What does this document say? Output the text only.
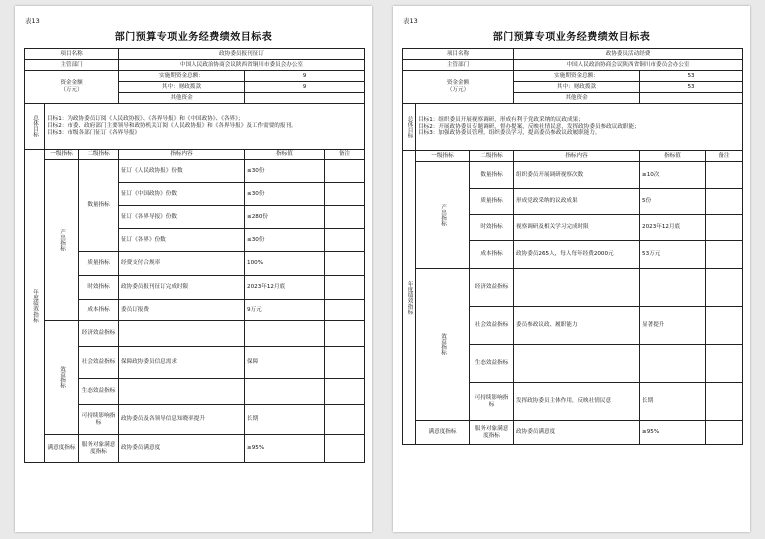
表13
部门预算专项业务经费绩效目标表
项目名称			政协委员报刊征订		
主管部门			中国人民政治协商会议陕西省铜川市委员会办公室		
资金金额
（万元）			实施期资金总额：	9	
			其中：财政拨款	9	
			其他资金		
总体目标	目标1：为政协委员订阅《人民政协报》、《各界导报》和《中国政协》、《各界》；

目标2：市委、政府部门主要领导和政协机关订阅《人民政协报》和《各界导报》及工作需要的报刊。

目标3：市级各部门征订《各界导报》				

年度绩效指标	一级指标	二级指标	指标内容	指标值	备注
	产出指标	数量指标	征订《人民政协报》份数	≤30份	
			征订《中国政协》份数	≤30份	
			征订《各界导报》份数	≤280份	
			征订《各界》份数	≤30份	
		质量指标	经费支付合规率	100%	
		时效指标	政协委员报刊征订完成时限	2023年12月底	
		成本指标	委员订报费	9万元	
	效益指标	经济效益指标			
		社会效益指标	保障政协委员信息需求	保障	
		生态效益指标			
		可持续影响指标	政协委员及各领导信息知晓率提升	长期	
	满意度指标	服务对象满意度指标	政协委员满意度	≥95%	
表13
部门预算专项业务经费绩效目标表
项目名称			政协委员活动经费		
主管部门			中国人民政治协商会议陕西省铜川市委员会办公室		
资金金额
（万元）			实施期资金总额：	53	
			其中：财政拨款	53	
			其他资金		
总体目标	目标1：组织委员开展视察调研，形成有利于党政采纳的议政成果；

目标2：开展政协委员专题调研，督办提案，反映社情民意，发挥政协委员参政议政职能；

目标3：加强政协委员管理，组织委员学习，提高委员参政议政履职能力。				

年度绩效指标	一级指标	二级指标	指标内容	指标值	备注
	产出指标	数量指标	组织委员开展调研视察次数	≥10次	
		质量指标	形成党政采纳的议政成果	5份	
		时效指标	视察调研及相关学习完成时限	2023年12月底	
		成本指标	政协委员265人，每人每年经费2000元	53万元	
	效益指标	经济效益指标			
		社会效益指标	委员参政议政、履职能力	显著提升	
		生态效益指标			
		可持续影响指标	发挥政协委员主体作用，反映社情民意	长期	
	满意度指标	服务对象满意度指标	政协委员满意度	≥95%	
